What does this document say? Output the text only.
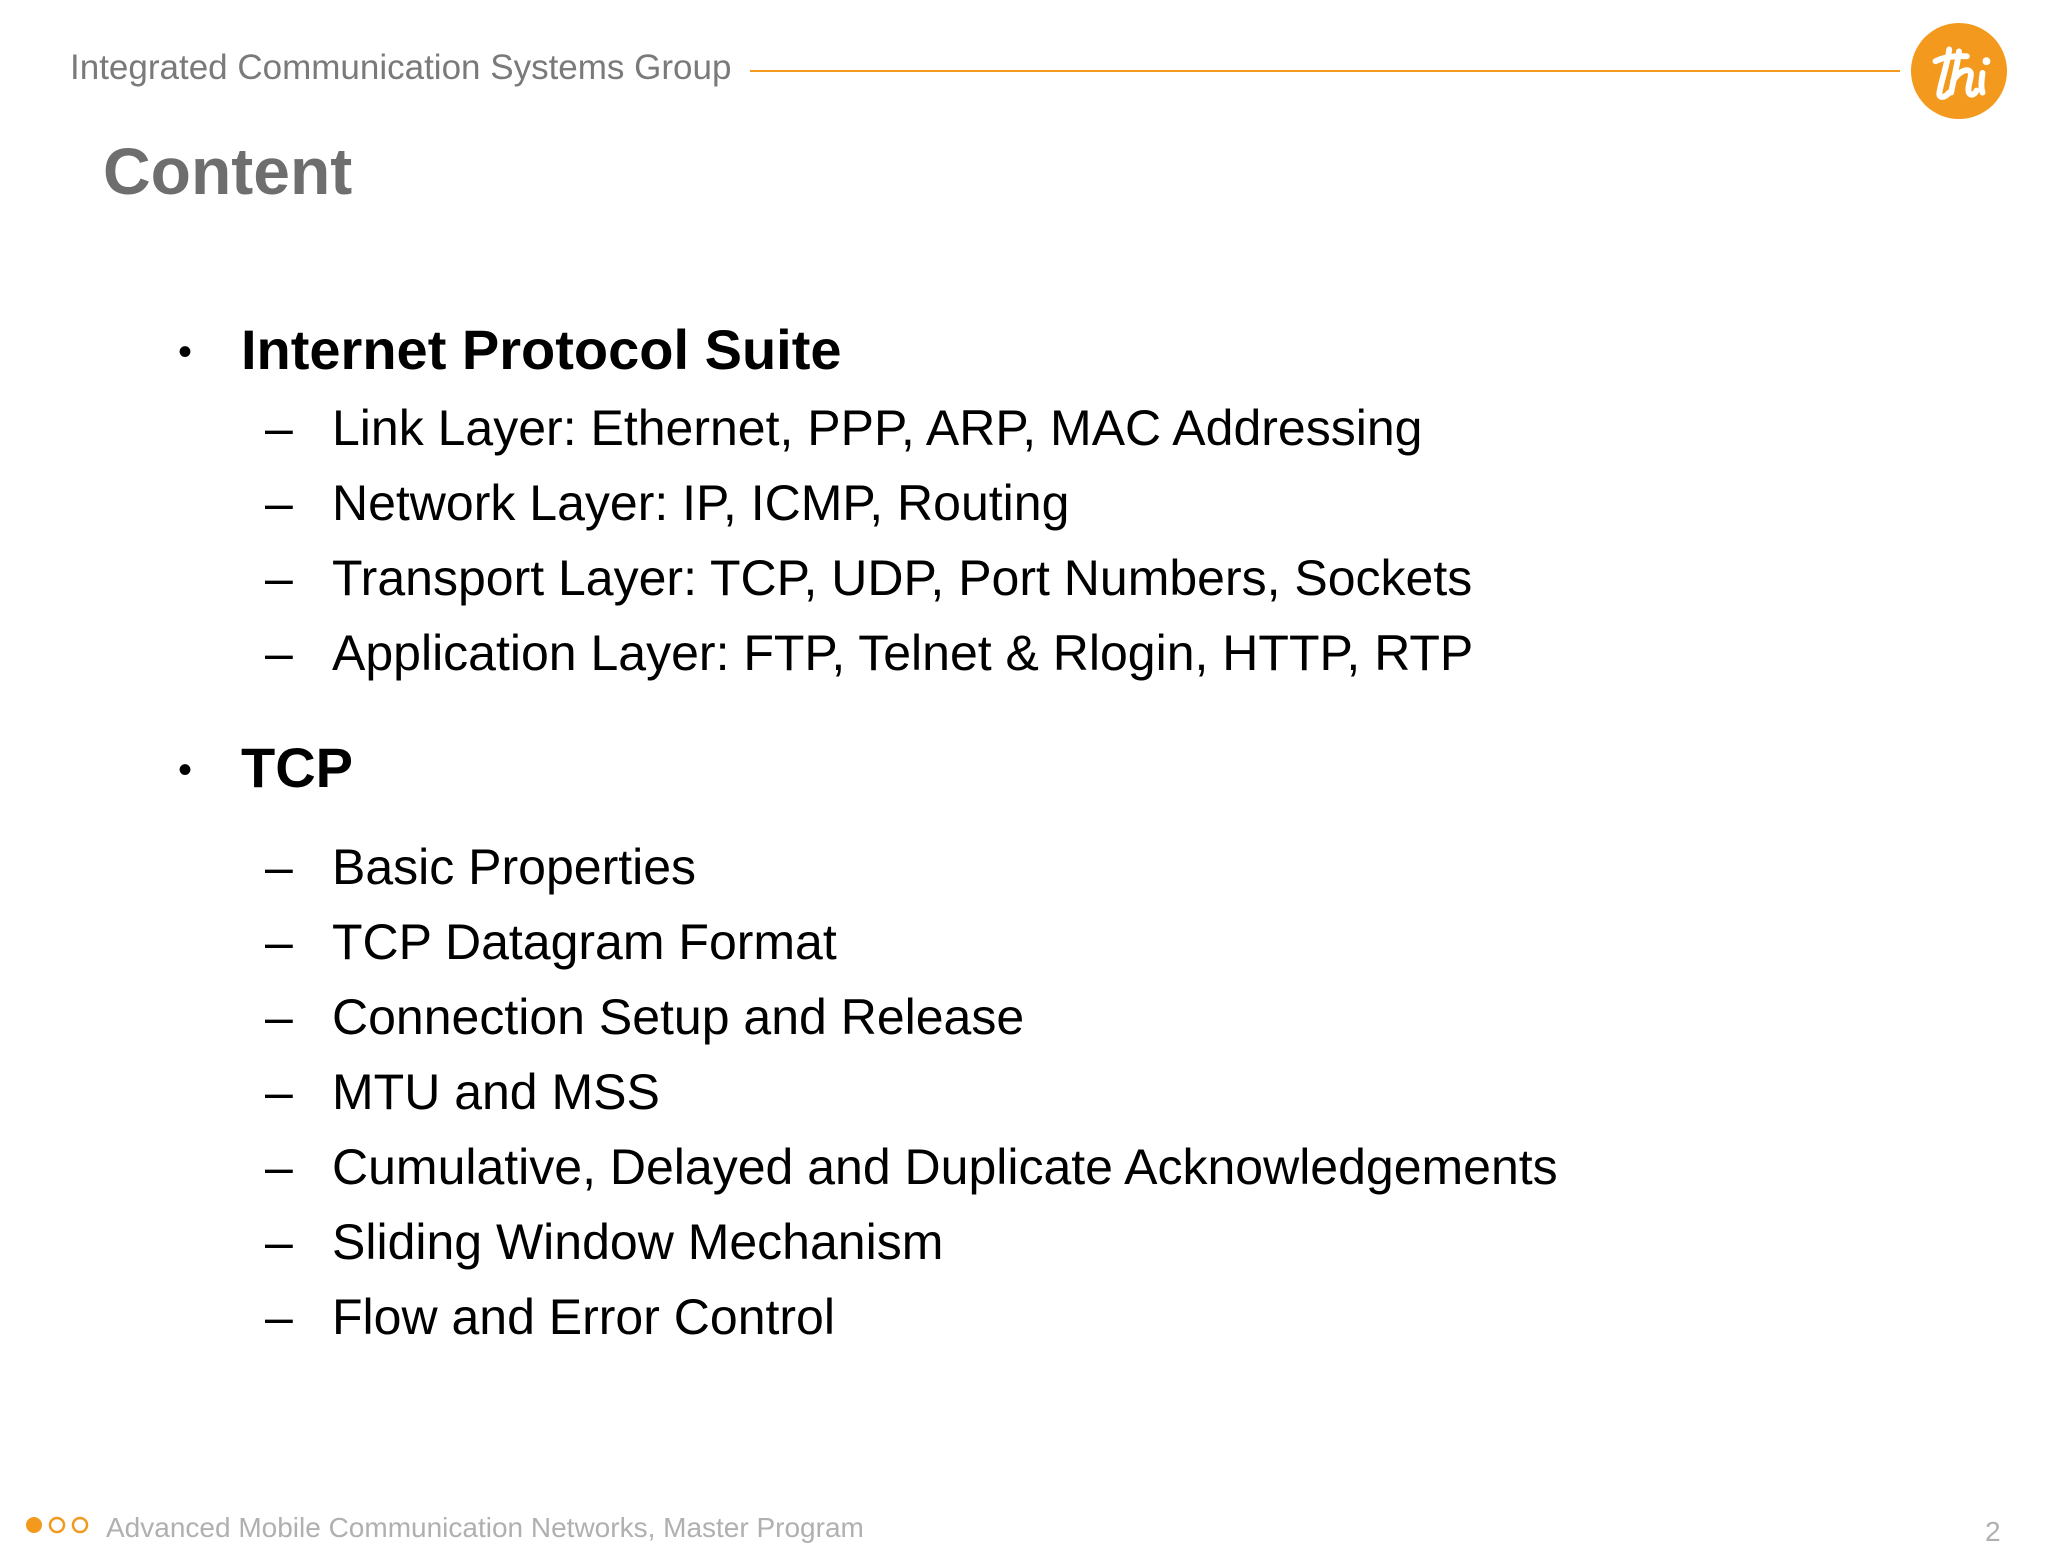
Integrated Communication Systems Group
Content
• Internet Protocol Suite
– Link Layer: Ethernet, PPP, ARP, MAC Addressing
– Network Layer: IP, ICMP, Routing
– Transport Layer: TCP, UDP, Port Numbers, Sockets
– Application Layer: FTP, Telnet & Rlogin, HTTP, RTP
• TCP
– Basic Properties
– TCP Datagram Format
– Connection Setup and Release
– MTU and MSS
– Cumulative, Delayed and Duplicate Acknowledgements
– Sliding Window Mechanism
– Flow and Error Control
Advanced Mobile Communication Networks, Master Program	2
